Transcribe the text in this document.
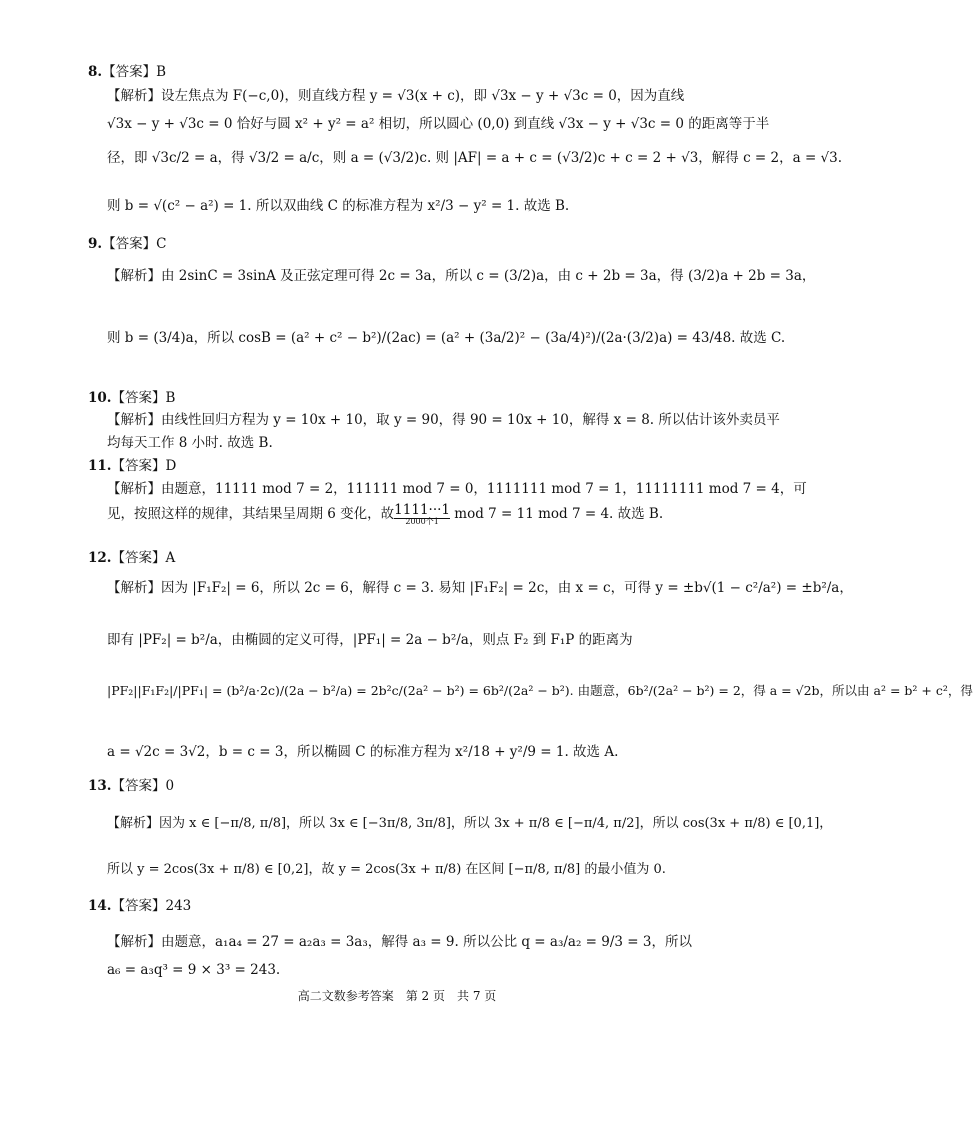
8.【答案】B
【解析】设左焦点为 F(−c,0)，则直线方程 y = √3(x + c)，即 √3x − y + √3c = 0，因为直线
√3x − y + √3c = 0 恰好与圆 x² + y² = a² 相切，所以圆心 (0,0) 到直线 √3x − y + √3c = 0 的距离等于半
径，即 √3c/2 = a，得 √3/2 = a/c，则 a = (√3/2)c. 则 |AF| = a + c = (√3/2)c + c = 2 + √3，解得 c = 2，a = √3.
则 b = √(c² − a²) = 1. 所以双曲线 C 的标准方程为 x²/3 − y² = 1. 故选 B.
9.【答案】C
【解析】由 2sinC = 3sinA 及正弦定理可得 2c = 3a，所以 c = (3/2)a，由 c + 2b = 3a，得 (3/2)a + 2b = 3a，
则 b = (3/4)a，所以 cosB = (a² + c² − b²)/(2ac) = (a² + (3a/2)² − (3a/4)²)/(2a·(3/2)a) = 43/48. 故选 C.
10.【答案】B
【解析】由线性回归方程为 y = 10x + 10，取 y = 90，得 90 = 10x + 10，解得 x = 8. 所以估计该外卖员平
均每天工作 8 小时. 故选 B.
11.【答案】D
【解析】由题意，11111 mod 7 = 2，111111 mod 7 = 0，1111111 mod 7 = 1，11111111 mod 7 = 4，可
见，按照这样的规律，其结果呈周期 6 变化，故1111···1
2000个1 mod 7 = 11 mod 7 = 4. 故选 B.
12.【答案】A
【解析】因为 |F₁F₂| = 6，所以 2c = 6，解得 c = 3. 易知 |F₁F₂| = 2c，由 x = c，可得 y = ±b√(1 − c²/a²) = ±b²/a，
即有 |PF₂| = b²/a，由椭圆的定义可得，|PF₁| = 2a − b²/a，则点 F₂ 到 F₁P 的距离为
|PF₂||F₁F₂|/|PF₁| = (b²/a·2c)/(2a − b²/a) = 2b²c/(2a² − b²) = 6b²/(2a² − b²). 由题意，6b²/(2a² − b²) = 2，得 a = √2b，所以由 a² = b² + c²，得
a = √2c = 3√2，b = c = 3，所以椭圆 C 的标准方程为 x²/18 + y²/9 = 1. 故选 A.
13.【答案】0
【解析】因为 x ∈ [−π/8, π/8]，所以 3x ∈ [−3π/8, 3π/8]，所以 3x + π/8 ∈ [−π/4, π/2]，所以 cos(3x + π/8) ∈ [0,1]，
所以 y = 2cos(3x + π/8) ∈ [0,2]，故 y = 2cos(3x + π/8) 在区间 [−π/8, π/8] 的最小值为 0.
14.【答案】243
【解析】由题意，a₁a₄ = 27 = a₂a₃ = 3a₃，解得 a₃ = 9. 所以公比 q = a₃/a₂ = 9/3 = 3，所以
a₆ = a₃q³ = 9 × 3³ = 243.
高二文数参考答案　第 2 页　共 7 页
